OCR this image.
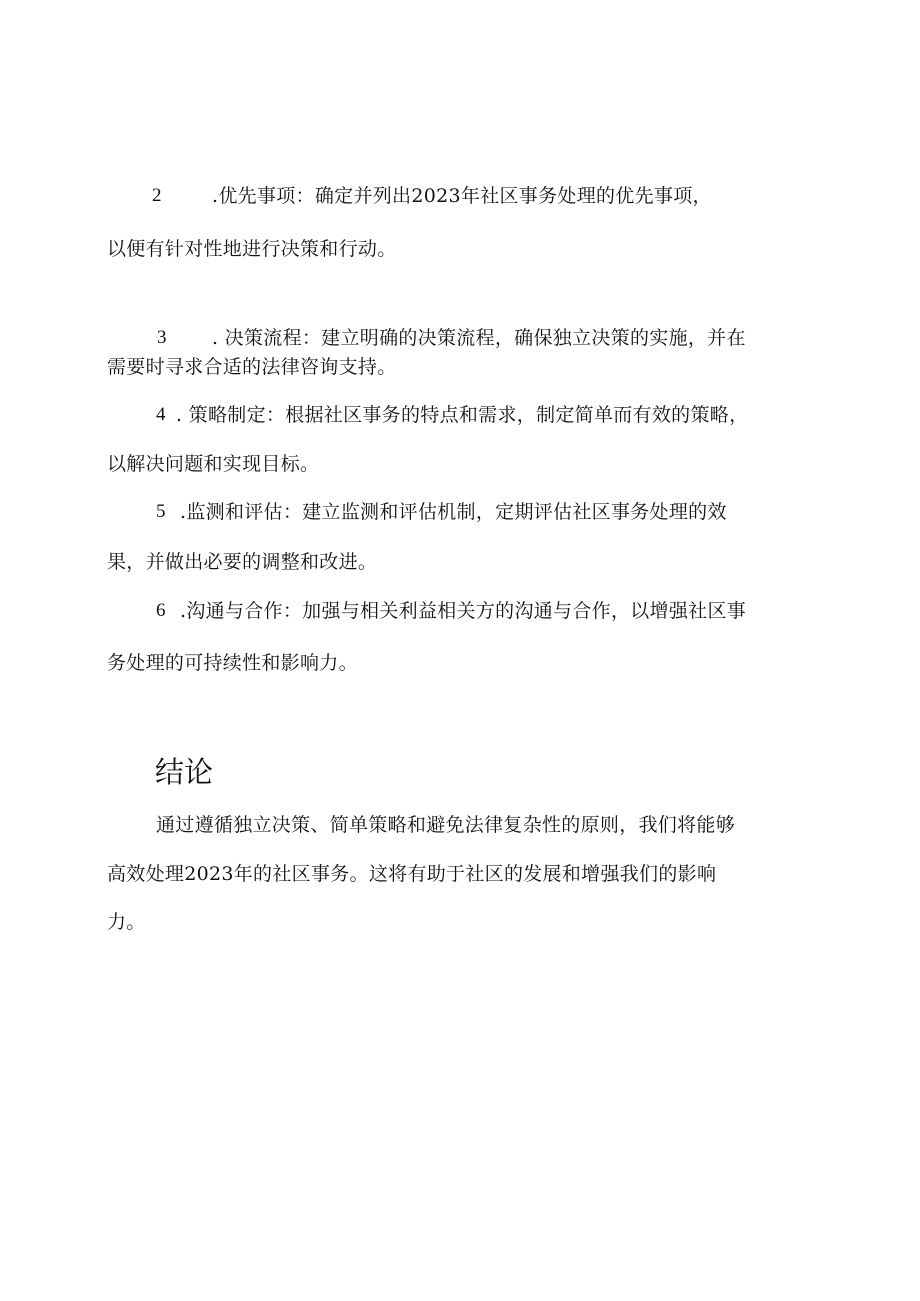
2	.优先事项：确定并列出2023年社区事务处理的优先事项，
以便有针对性地进行决策和行动。
3 . 决策流程：建立明确的决策流程，确保独立决策的实施，并在
需要时寻求合适的法律咨询支持。
4 . 策略制定：根据社区事务的特点和需求，制定简单而有效的策略，
以解决问题和实现目标。
5 .监测和评估：建立监测和评估机制，定期评估社区事务处理的效
果，并做出必要的调整和改进。
6 .沟通与合作：加强与相关利益相关方的沟通与合作，以增强社区事
务处理的可持续性和影响力。
结论
通过遵循独立决策、简单策略和避免法律复杂性的原则，我们将能够
高效处理2023年的社区事务。这将有助于社区的发展和增强我们的影响
力。
